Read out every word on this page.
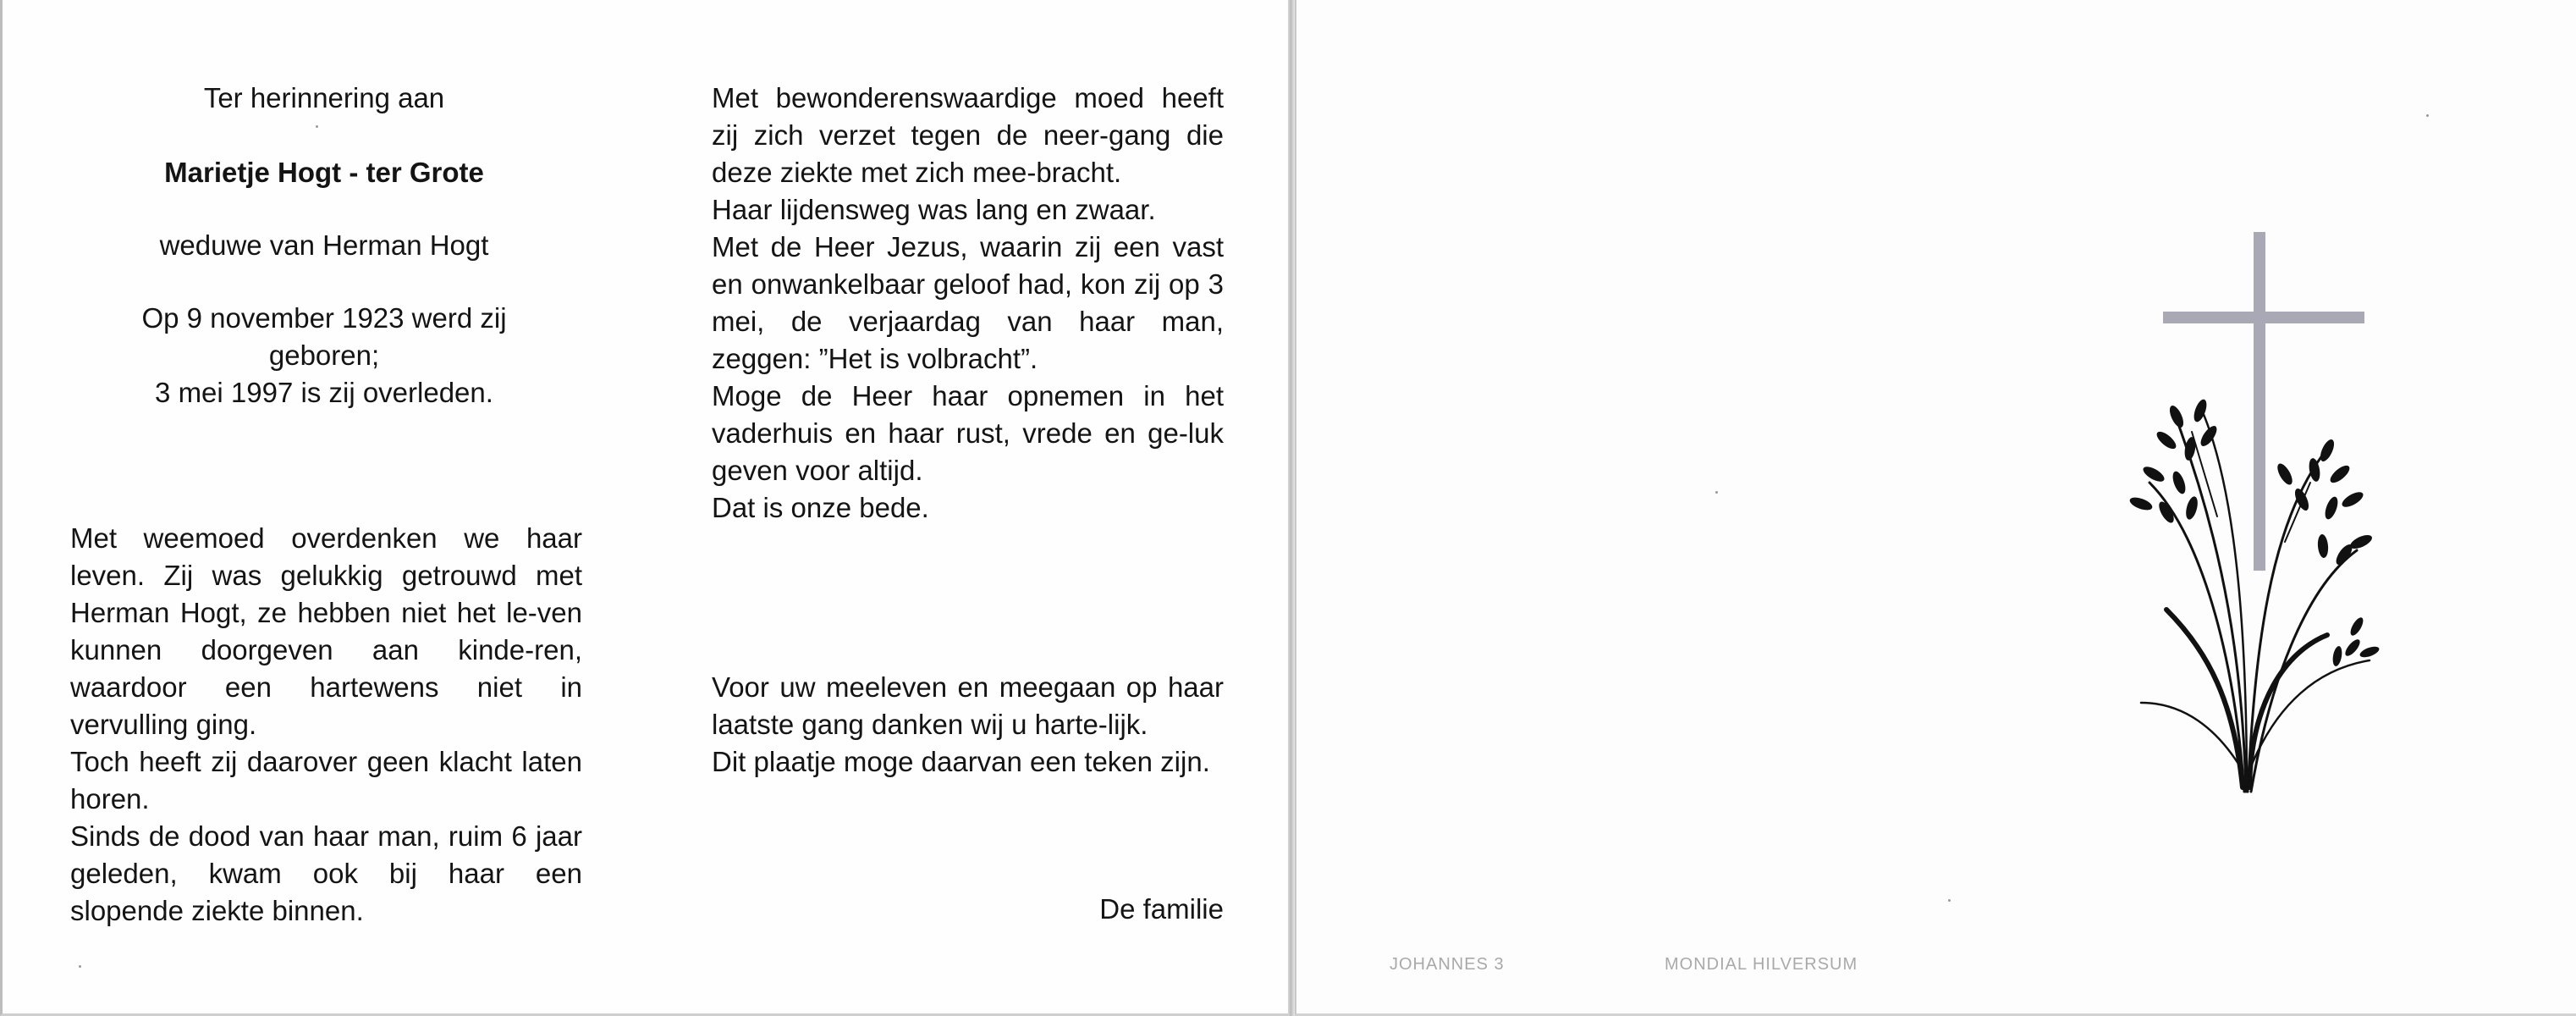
Ter herinnering aan

Marietje Hogt - ter Grote

weduwe van Herman Hogt

Op 9 november 1923 werd zij

geboren;

3 mei 1997 is zij overleden.

Met weemoed overdenken we haar leven. Zij was gelukkig getrouwd met Herman Hogt, ze hebben niet het le-ven kunnen doorgeven aan kinde-ren, waardoor een hartewens niet in vervulling ging.

Toch heeft zij daarover geen klacht laten horen.

Sinds de dood van haar man, ruim 6 jaar geleden, kwam ook bij haar een slopende ziekte binnen.

Met bewonderenswaardige moed heeft zij zich verzet tegen de neer-gang die deze ziekte met zich mee-bracht.

Haar lijdensweg was lang en zwaar.

Met de Heer Jezus, waarin zij een vast en onwankelbaar geloof had, kon zij op 3 mei, de verjaardag van haar man, zeggen: ”Het is volbracht”.

Moge de Heer haar opnemen in het vaderhuis en haar rust, vrede en ge-luk geven voor altijd.

Dat is onze bede.

Voor uw meeleven en meegaan op haar laatste gang danken wij u harte-lijk.

Dit plaatje moge daarvan een teken zijn.

De familie
JOHANNES 3	MONDIAL HILVERSUM
